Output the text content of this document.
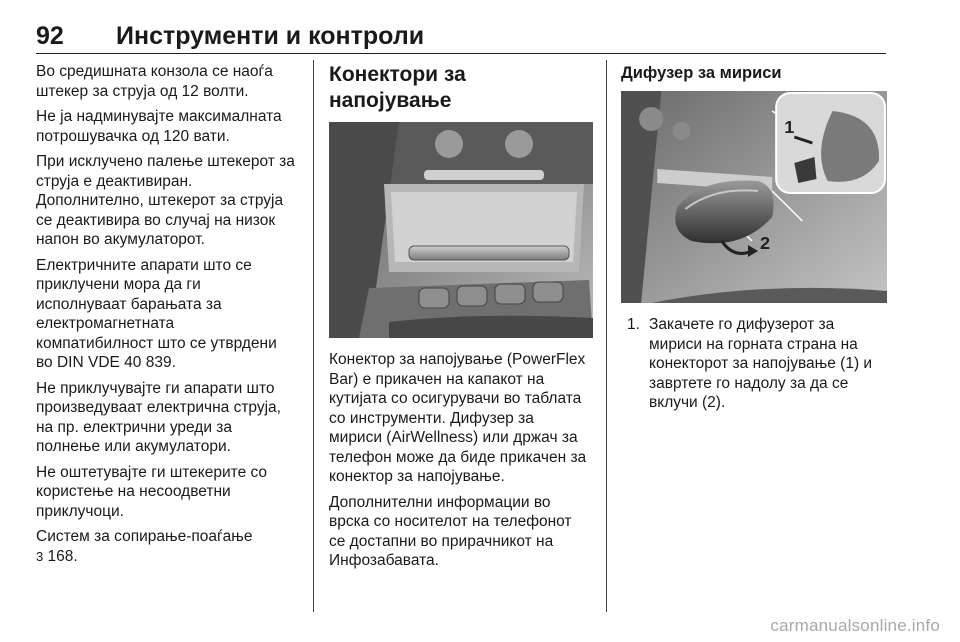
92 Инструменти и контроли

Во средишната конзола се наоѓа
штекер за струја од 12 волти.

Не ја надминувајте максималната
потрошувачка од 120 вати.

При исклучено палење штекерот за
струја е деактивиран.
Дополнително, штекерот за струја
се деактивира во случај на низок
напон во акумулаторот.

Електричните апарати што се
приклучени мора да ги
исполнуваат барањата за
електромагнетната
компатибилност што се утврдени
во DIN VDE 40 839.

Не приклучувајте ги апарати што
произведуваат електрична струја,
на пр. електрични уреди за
полнење или акумулатори.

Не оштетувајте ги штекерите со
користење на несоодветни
приклучоци.

Систем за сопирање-поаѓање
3 168.

Конектори за напојување

Конектор за напојување (PowerFlex
Bar) е прикачен на капакот на
кутијата со осигурувачи во таблата
со инструменти. Дифузер за
мириси (AirWellness) или држач за
телефон може да биде прикачен за
конектор за напојување.

Дополнителни информации во
врска со носителот на телефонот
се достапни во прирачникот на
Инфозабавата.

Дифузер за мириси
1
2
1. Закачете го дифузерот за
мириси на горната страна на
конекторот за напојување (1) и
завртете го надолу за да се
вклучи (2).
carmanualsonline.info
